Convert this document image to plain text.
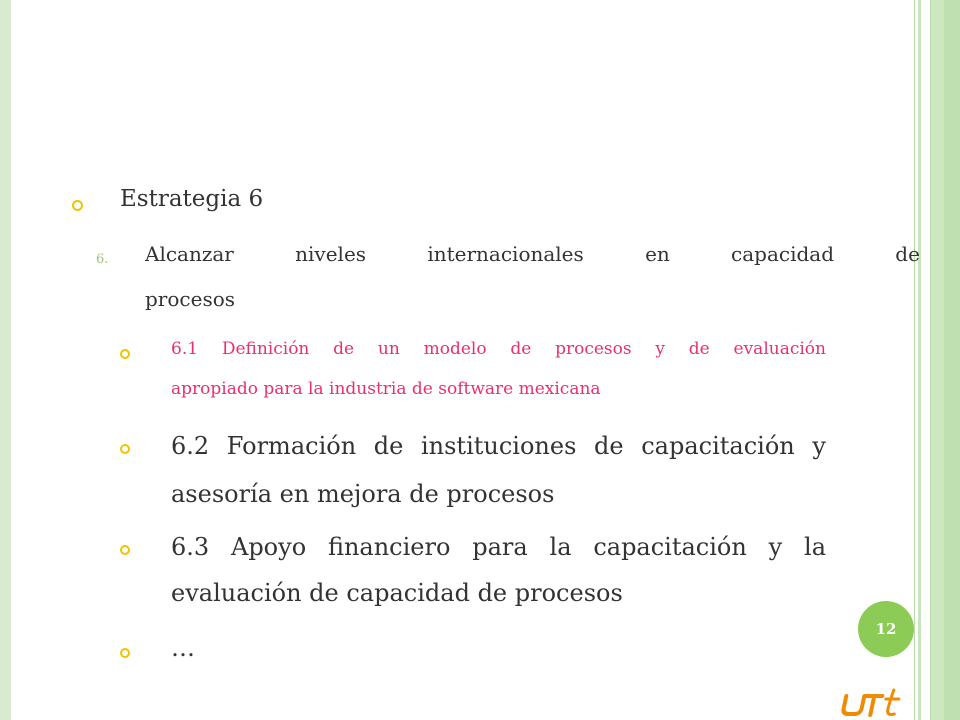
Estrategia 6
6. Alcanzar	niveles	internacionales	en	capacidad	de
procesos
6.1 Definición de un modelo de procesos y de evaluación
apropiado para la industria de software mexicana
6.2 Formación de instituciones de capacitación y
asesoría en mejora de procesos
6.3 Apoyo financiero para la capacitación y la
evaluación de capacidad de procesos
…
12
